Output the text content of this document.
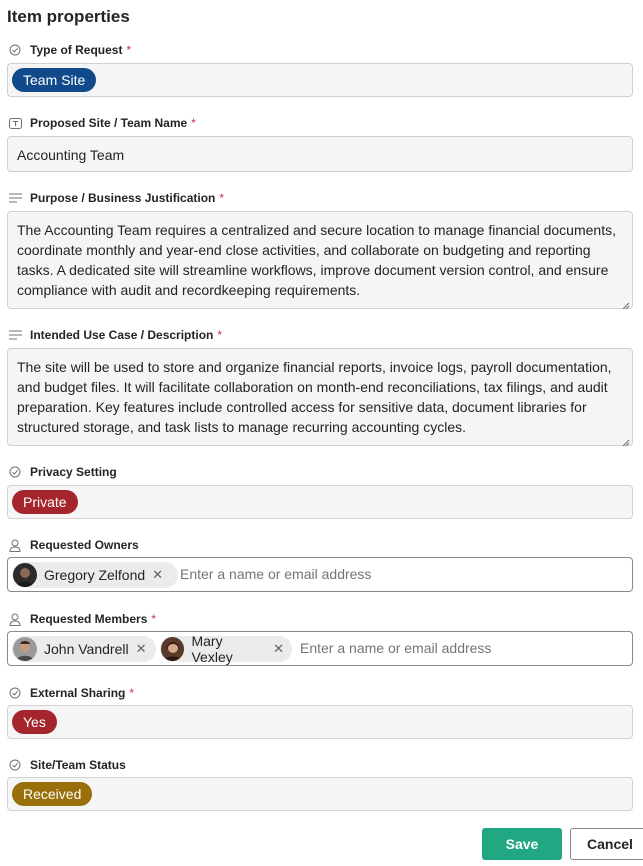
Item properties
Type of Request *
Team Site
Proposed Site / Team Name *
Accounting Team
Purpose / Business Justification *
The Accounting Team requires a centralized and secure location to manage financial documents, coordinate monthly and year-end close activities, and collaborate on budgeting and reporting tasks. A dedicated site will streamline workflows, improve document version control, and ensure compliance with audit and recordkeeping requirements.
Intended Use Case / Description *
The site will be used to store and organize financial reports, invoice logs, payroll documentation, and budget files. It will facilitate collaboration on month-end reconciliations, tax filings, and audit preparation. Key features include controlled access for sensitive data, document libraries for structured storage, and task lists to manage recurring accounting cycles.
Privacy Setting
Private
Requested Owners
Gregory Zelfond ✕
Enter a name or email address
Requested Members *
John Vandrell ✕	Mary Vexley
✕
Enter a name or email address
External Sharing *
Yes
Site/Team Status
Received
Save	Cancel
